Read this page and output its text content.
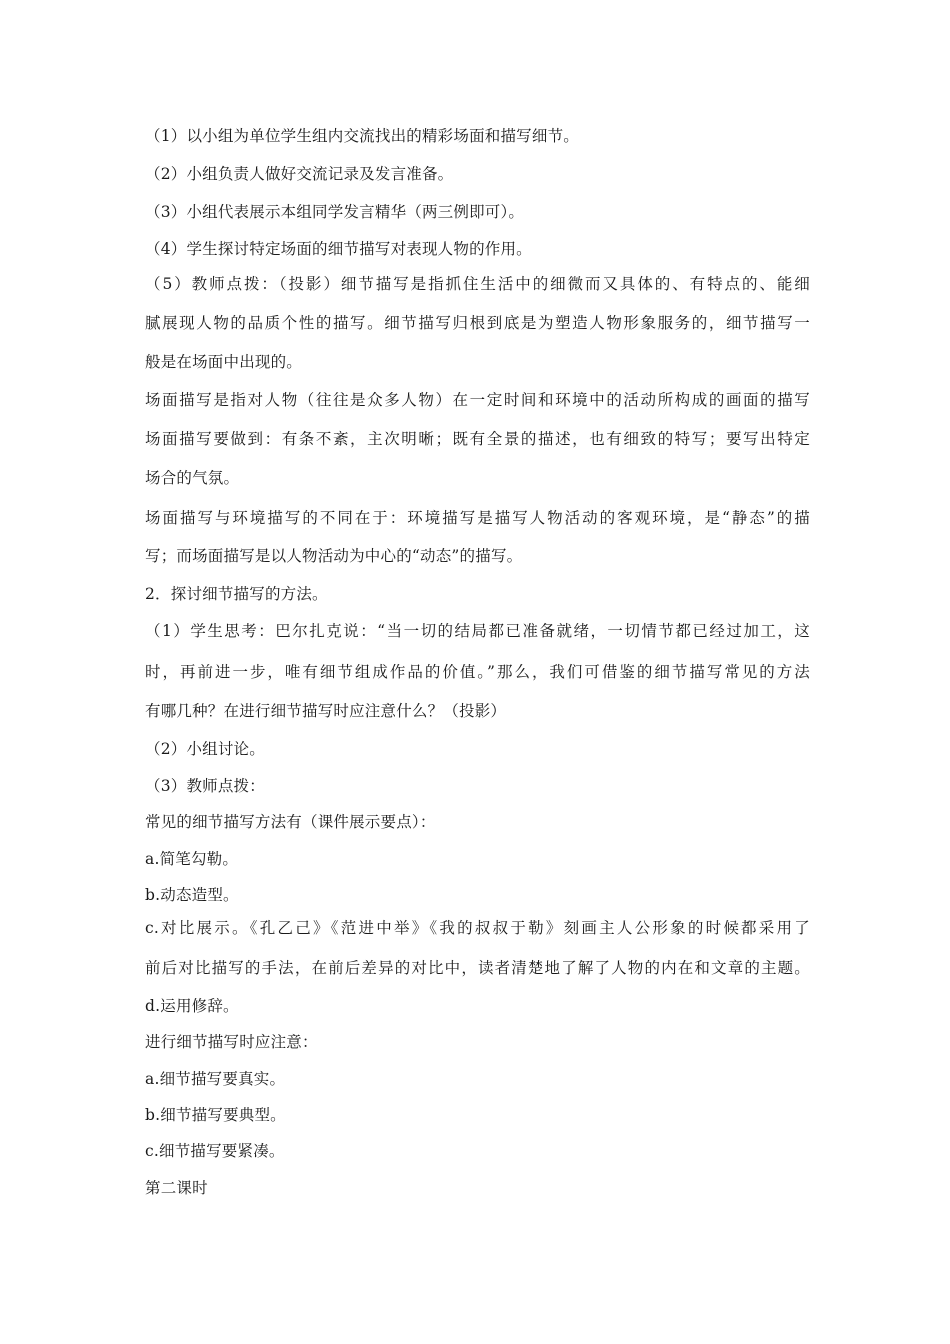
（1）以小组为单位学生组内交流找出的精彩场面和描写细节。
（2）小组负责人做好交流记录及发言准备。
（3）小组代表展示本组同学发言精华（两三例即可）。
（4）学生探讨特定场面的细节描写对表现人物的作用。
（5）教师点拨：（投影）细节描写是指抓住生活中的细微而又具体的、有特点的、能细
腻展现人物的品质个性的描写。细节描写归根到底是为塑造人物形象服务的，细节描写一
般是在场面中出现的。
场面描写是指对人物（往往是众多人物）在一定时间和环境中的活动所构成的画面的描写
场面描写要做到：有条不紊，主次明晰；既有全景的描述，也有细致的特写；要写出特定
场合的气氛。
场面描写与环境描写的不同在于：环境描写是描写人物活动的客观环境，是“静态”的描
写；而场面描写是以人物活动为中心的“动态”的描写。
2．探讨细节描写的方法。
（1）学生思考：巴尔扎克说：“当一切的结局都已准备就绪，一切情节都已经过加工，这
时，再前进一步，唯有细节组成作品的价值。”那么，我们可借鉴的细节描写常见的方法
有哪几种？在进行细节描写时应注意什么？（投影）
（2）小组讨论。
（3）教师点拨：
常见的细节描写方法有（课件展示要点）：
a.简笔勾勒。
b.动态造型。
c.对比展示。《孔乙己》《范进中举》《我的叔叔于勒》刻画主人公形象的时候都采用了
前后对比描写的手法，在前后差异的对比中，读者清楚地了解了人物的内在和文章的主题。
d.运用修辞。
进行细节描写时应注意：
a.细节描写要真实。
b.细节描写要典型。
c.细节描写要紧凑。
第二课时
